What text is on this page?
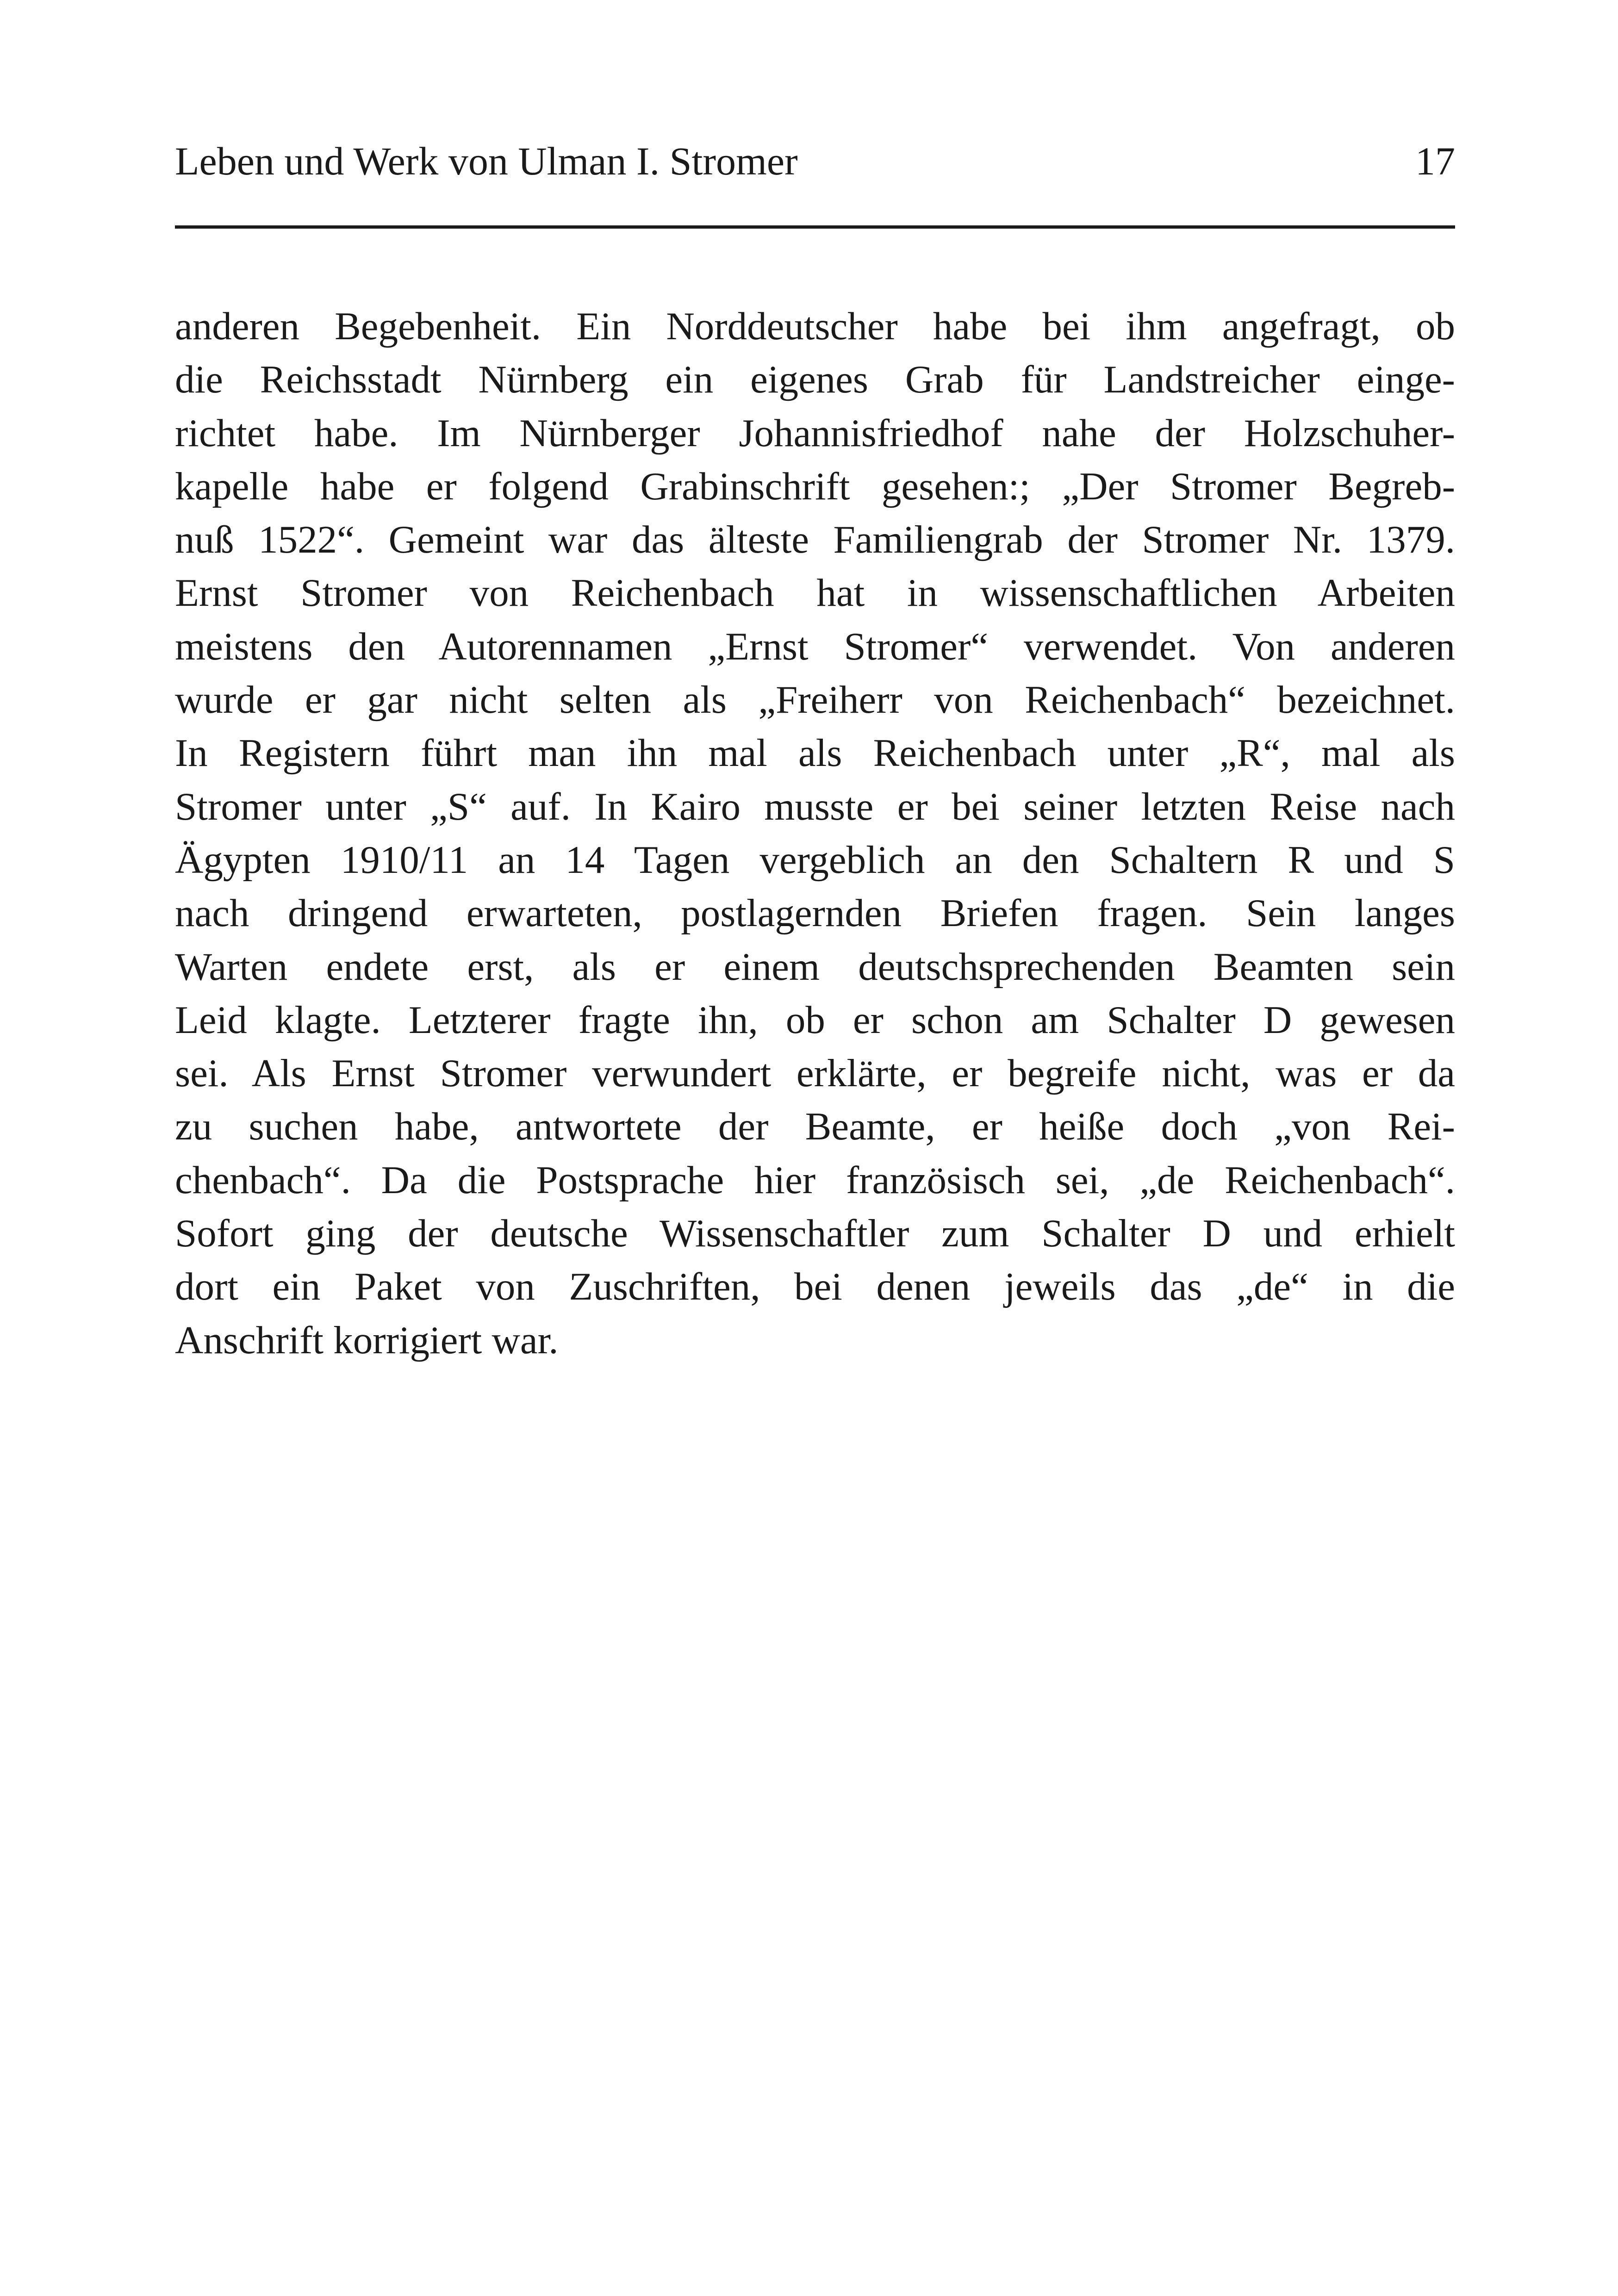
Leben und Werk von Ulman I. Stromer	17
anderen Begebenheit. Ein Norddeutscher habe bei ihm angefragt, ob
die Reichsstadt Nürnberg ein eigenes Grab für Landstreicher einge-
richtet habe. Im Nürnberger Johannisfriedhof nahe der Holzschuher-
kapelle habe er folgend Grabinschrift gesehen:; „Der Stromer Begreb-
nuß 1522“. Gemeint war das älteste Familiengrab der Stromer Nr. 1379.
Ernst Stromer von Reichenbach hat in wissenschaftlichen Arbeiten
meistens den Autorennamen „Ernst Stromer“ verwendet. Von anderen
wurde er gar nicht selten als „Freiherr von Reichenbach“ bezeichnet.
In Registern führt man ihn mal als Reichenbach unter „R“, mal als
Stromer unter „S“ auf. In Kairo musste er bei seiner letzten Reise nach
Ägypten 1910/11 an 14 Tagen vergeblich an den Schaltern R und S
nach dringend erwarteten, postlagernden Briefen fragen. Sein langes
Warten endete erst, als er einem deutschsprechenden Beamten sein
Leid klagte. Letzterer fragte ihn, ob er schon am Schalter D gewesen
sei. Als Ernst Stromer verwundert erklärte, er begreife nicht, was er da
zu suchen habe, antwortete der Beamte, er heiße doch „von Rei-
chenbach“. Da die Postsprache hier französisch sei, „de Reichenbach“.
Sofort ging der deutsche Wissenschaftler zum Schalter D und erhielt
dort ein Paket von Zuschriften, bei denen jeweils das „de“ in die
Anschrift korrigiert war.
